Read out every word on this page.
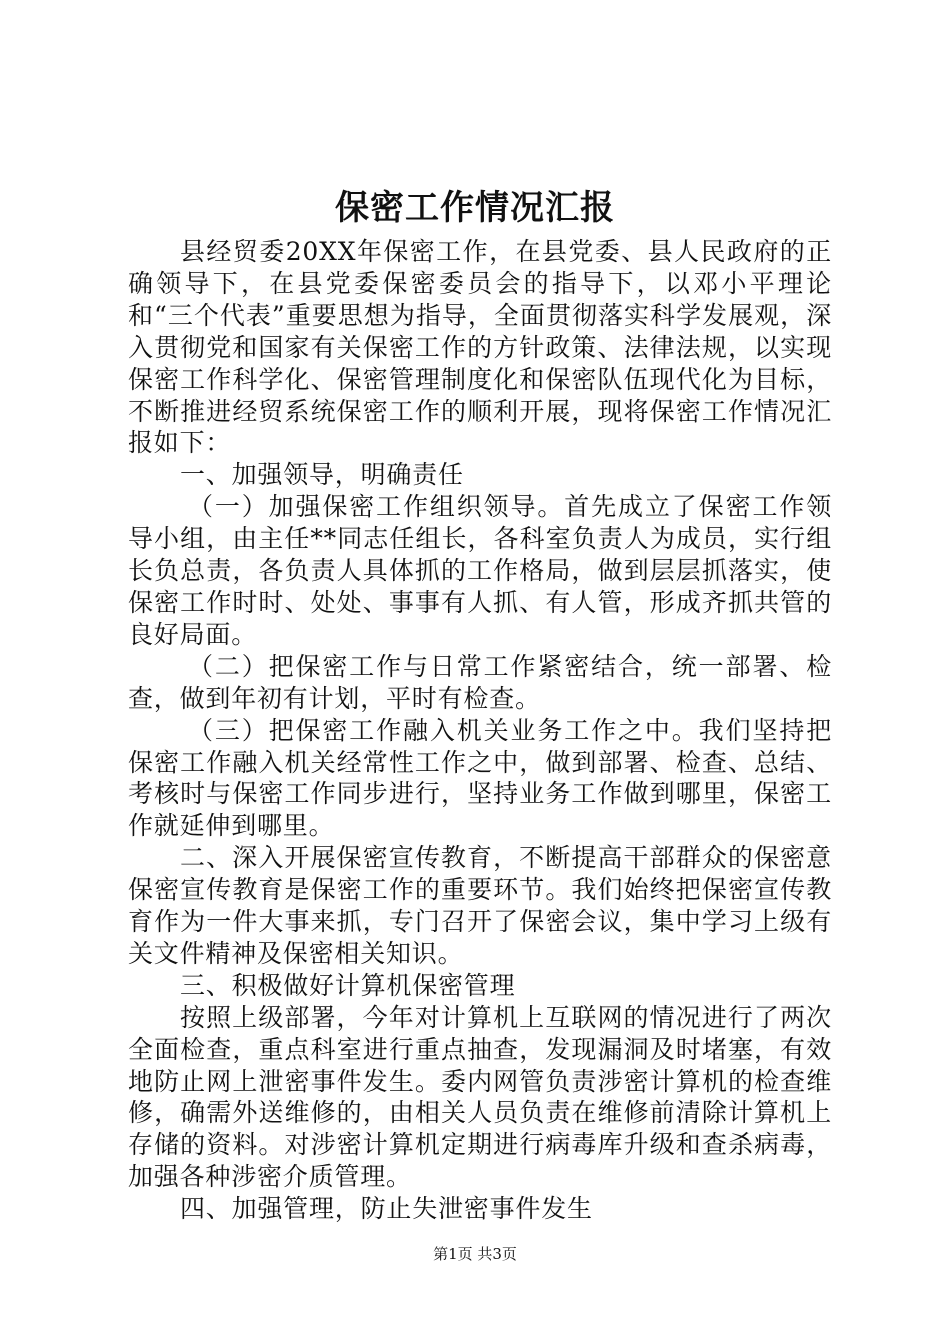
保密工作情况汇报

县经贸委20XX年保密工作，在县党委、县人民政府的正确领导下，在县党委保密委员会的指导下，以邓小平理论和“三个代表”重要思想为指导，全面贯彻落实科学发展观，深入贯彻党和国家有关保密工作的方针政策、法律法规，以实现保密工作科学化、保密管理制度化和保密队伍现代化为目标，不断推进经贸系统保密工作的顺利开展，现将保密工作情况汇报如下：

一、加强领导，明确责任

（一）加强保密工作组织领导。首先成立了保密工作领导小组，由主任**同志任组长，各科室负责人为成员，实行组长负总责，各负责人具体抓的工作格局，做到层层抓落实，使保密工作时时、处处、事事有人抓、有人管，形成齐抓共管的良好局面。

（二）把保密工作与日常工作紧密结合，统一部署、检查，做到年初有计划，平时有检查。

（三）把保密工作融入机关业务工作之中。我们坚持把保密工作融入机关经常性工作之中，做到部署、检查、总结、考核时与保密工作同步进行，坚持业务工作做到哪里，保密工作就延伸到哪里。

二、深入开展保密宣传教育，不断提高干部群众的保密意保密宣传教育是保密工作的重要环节。我们始终把保密宣传教育作为一件大事来抓，专门召开了保密会议，集中学习上级有关文件精神及保密相关知识。

三、积极做好计算机保密管理

按照上级部署，今年对计算机上互联网的情况进行了两次全面检查，重点科室进行重点抽查，发现漏洞及时堵塞，有效地防止网上泄密事件发生。委内网管负责涉密计算机的检查维修，确需外送维修的，由相关人员负责在维修前清除计算机上存储的资料。对涉密计算机定期进行病毒库升级和查杀病毒，加强各种涉密介质管理。

四、加强管理，防止失泄密事件发生

第1页 共3页
